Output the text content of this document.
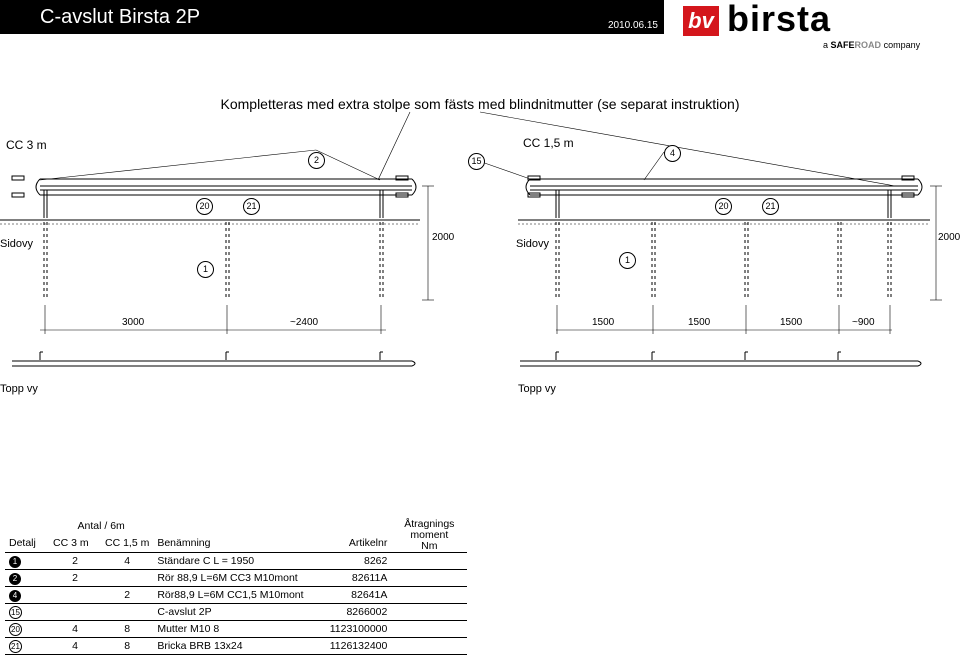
C-avslut Birsta 2P	2010.06.15 bv birsta
a SAFEROAD company
Kompletteras med extra stolpe som fästs med blindnitmutter (se separat instruktion)
CC 3 m
Sidovy
Topp vy
2000
3000	~2400
2
20	21
1
CC 1,5 m
Sidovy
Topp vy
2000
1500	1500	1500	~900
15
4
20	21
1
	Antal / 6m				Åtragnings
moment
Nm

Detalj	CC 3 m	CC 1,5 m	Benämning	Artikelnr	
1	2	4	Ständare C L = 1950	8262	
2	2		Rör 88,9 L=6M CC3 M10mont	82611A	
4		2	Rör88,9 L=6M CC1,5 M10mont	82641A	
15			C-avslut 2P	8266002	
20	4	8	Mutter M10 8	1123100000	
21	4	8	Bricka BRB 13x24	1126132400	
